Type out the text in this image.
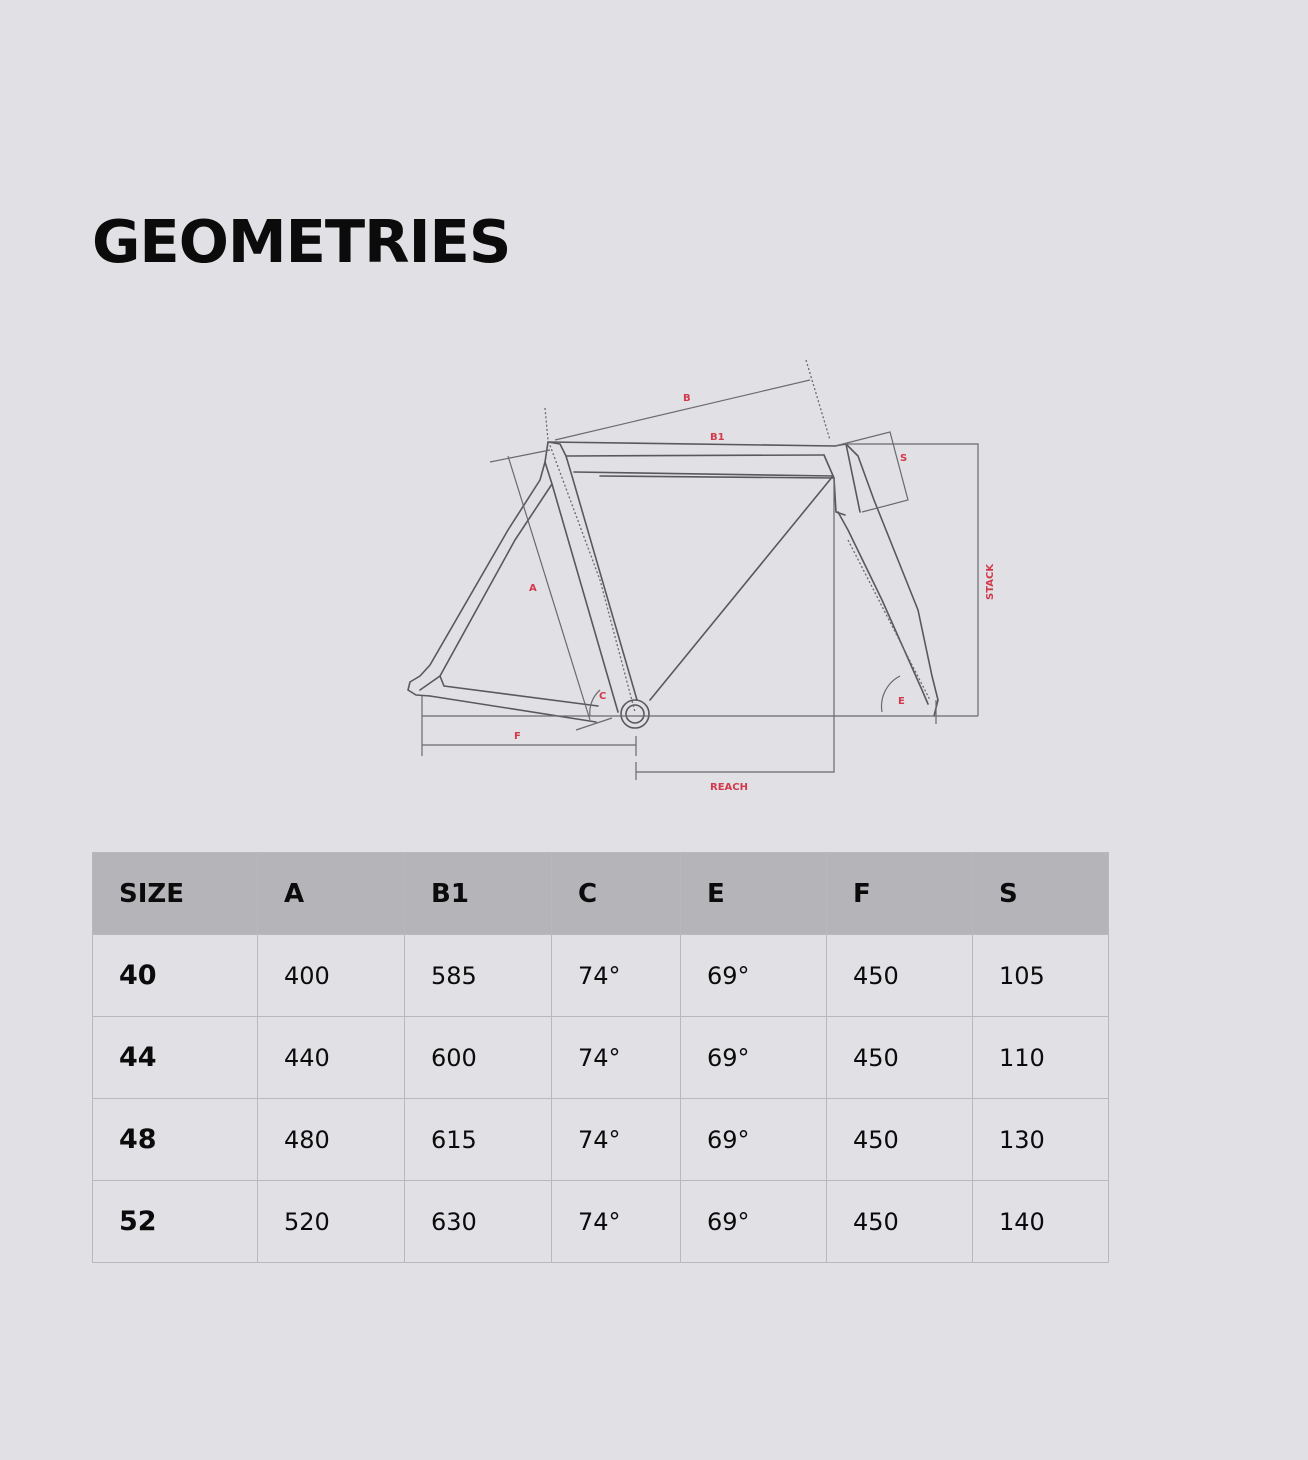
GEOMETRIES
B
B1
S
A
C	E
F
REACH
STACK
SIZE	A	B1	C	E	F	S
40	400	585	74°	69°	450	105
44	440	600	74°	69°	450	110
48	480	615	74°	69°	450	130
52	520	630	74°	69°	450	140
